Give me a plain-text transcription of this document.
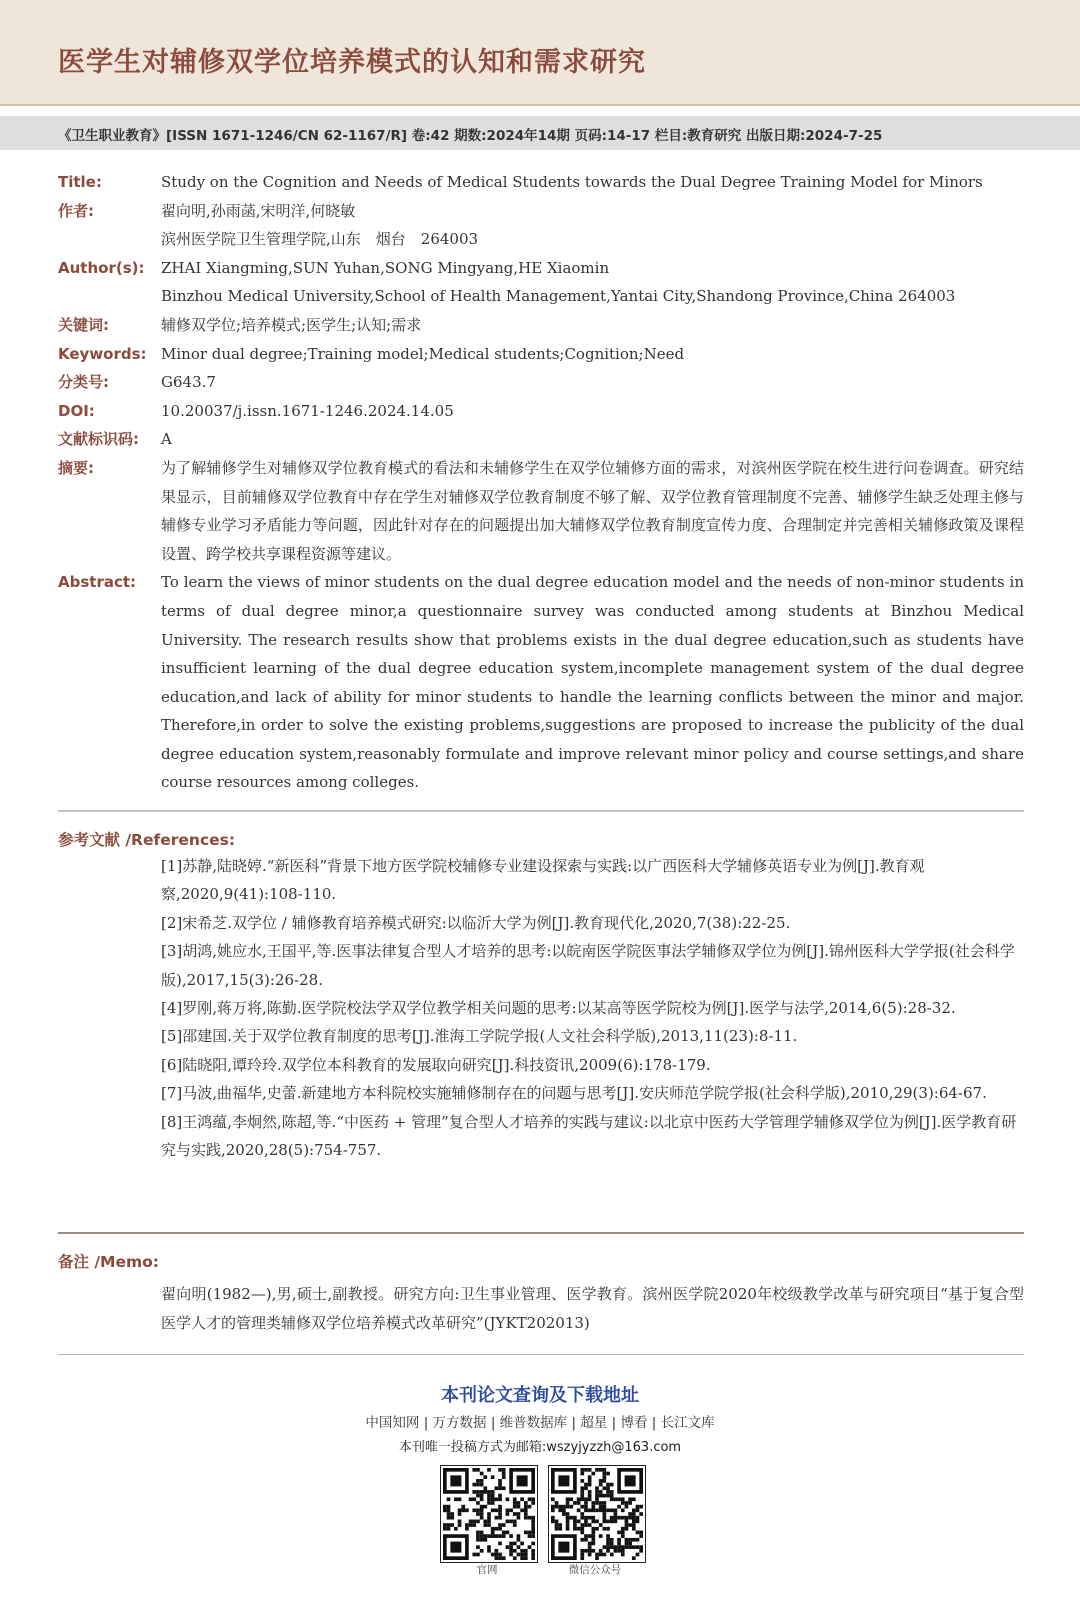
医学生对辅修双学位培养模式的认知和需求研究
《卫生职业教育》[ISSN 1671-1246/CN 62-1167/R] 卷:42 期数:2024年14期 页码:14-17 栏目:教育研究 出版日期:2024-7-25
Title:	Study on the Cognition and Needs of Medical Students towards the Dual Degree Training Model for Minors
作者:	翟向明,孙雨菡,宋明洋,何晓敏
滨州医学院卫生管理学院,山东　烟台　264003
Author(s):	ZHAI Xiangming,SUN Yuhan,SONG Mingyang,HE Xiaomin
Binzhou Medical University,School of Health Management,Yantai City,Shandong Province,China 264003
关键词:	辅修双学位;培养模式;医学生;认知;需求
Keywords: Minor dual degree;Training model;Medical students;Cognition;Need
分类号:	G643.7
DOI:	10.20037/j.issn.1671-1246.2024.14.05
文献标识码:	A
摘要:	为了解辅修学生对辅修双学位教育模式的看法和未辅修学生在双学位辅修方面的需求，对滨州医学院在校生进行问卷调查。研究结果显示，目前辅修双学位教育中存在学生对辅修双学位教育制度不够了解、双学位教育管理制度不完善、辅修学生缺乏处理主修与辅修专业学习矛盾能力等问题，因此针对存在的问题提出加大辅修双学位教育制度宣传力度、合理制定并完善相关辅修政策及课程设置、跨学校共享课程资源等建议。
Abstract:	To learn the views of minor students on the dual degree education model and the needs of non-minor students in terms of dual degree minor,a questionnaire survey was conducted among students at Binzhou Medical University. The research results show that problems exists in the dual degree education,such as students have insufficient learning of the dual degree education system,incomplete management system of the dual degree education,and lack of ability for minor students to handle the learning conflicts between the minor and major. Therefore,in order to solve the existing problems,suggestions are proposed to increase the publicity of the dual degree education system,reasonably formulate and improve relevant minor policy and course settings,and share course resources among colleges.
参考文献 /References:
[1]苏静,陆晓婷.“新医科”背景下地方医学院校辅修专业建设探索与实践:以广西医科大学辅修英语专业为例[J].教育观察,2020,9(41):108-110.
[2]宋希芝.双学位 / 辅修教育培养模式研究:以临沂大学为例[J].教育现代化,2020,7(38):22-25.
[3]胡鸿,姚应水,王国平,等.医事法律复合型人才培养的思考:以皖南医学院医事法学辅修双学位为例[J].锦州医科大学学报(社会科学版),2017,15(3):26-28.
[4]罗刚,蒋万将,陈勤.医学院校法学双学位教学相关问题的思考:以某高等医学院校为例[J].医学与法学,2014,6(5):28-32.
[5]邵建国.关于双学位教育制度的思考[J].淮海工学院学报(人文社会科学版),2013,11(23):8-11.
[6]陆晓阳,谭玲玲.双学位本科教育的发展取向研究[J].科技资讯,2009(6):178-179.
[7]马波,曲福华,史蕾.新建地方本科院校实施辅修制存在的问题与思考[J].安庆师范学院学报(社会科学版),2010,29(3):64-67.
[8]王鸿蕴,李炯然,陈超,等.“中医药 + 管理”复合型人才培养的实践与建议:以北京中医药大学管理学辅修双学位为例[J].医学教育研究与实践,2020,28(5):754-757.
备注 /Memo:
翟向明(1982—),男,硕士,副教授。研究方向:卫生事业管理、医学教育。滨州医学院2020年校级教学改革与研究项目“基于复合型医学人才的管理类辅修双学位培养模式改革研究”(JYKT202013)
本刊论文查询及下载地址
中国知网 | 万方数据 | 维普数据库 | 超星 | 博看 | 长江文库
本刊唯一投稿方式为邮箱:wszyjyzzh@163.com
官网	微信公众号
